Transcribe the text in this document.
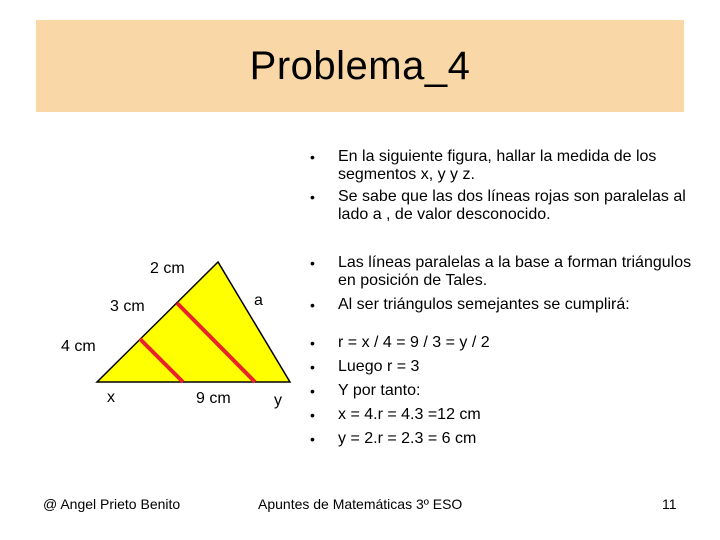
Problema_4
• En la siguiente figura, hallar la medida de los segmentos x, y y z.
• Se sabe que las dos líneas rojas son paralelas al lado a , de valor desconocido.
• Las líneas paralelas a la base a forman triángulos en posición de Tales.
• Al ser triángulos semejantes se cumplirá:
• r = x / 4 = 9 / 3 = y / 2
• Luego r = 3
• Y por tanto:
• x = 4.r = 4.3 =12 cm
• y = 2.r = 2.3 = 6 cm
2 cm
3 cm
4 cm
a
x	9 cm	y
@ Angel Prieto Benito	Apuntes de Matemáticas 3º ESO	11
